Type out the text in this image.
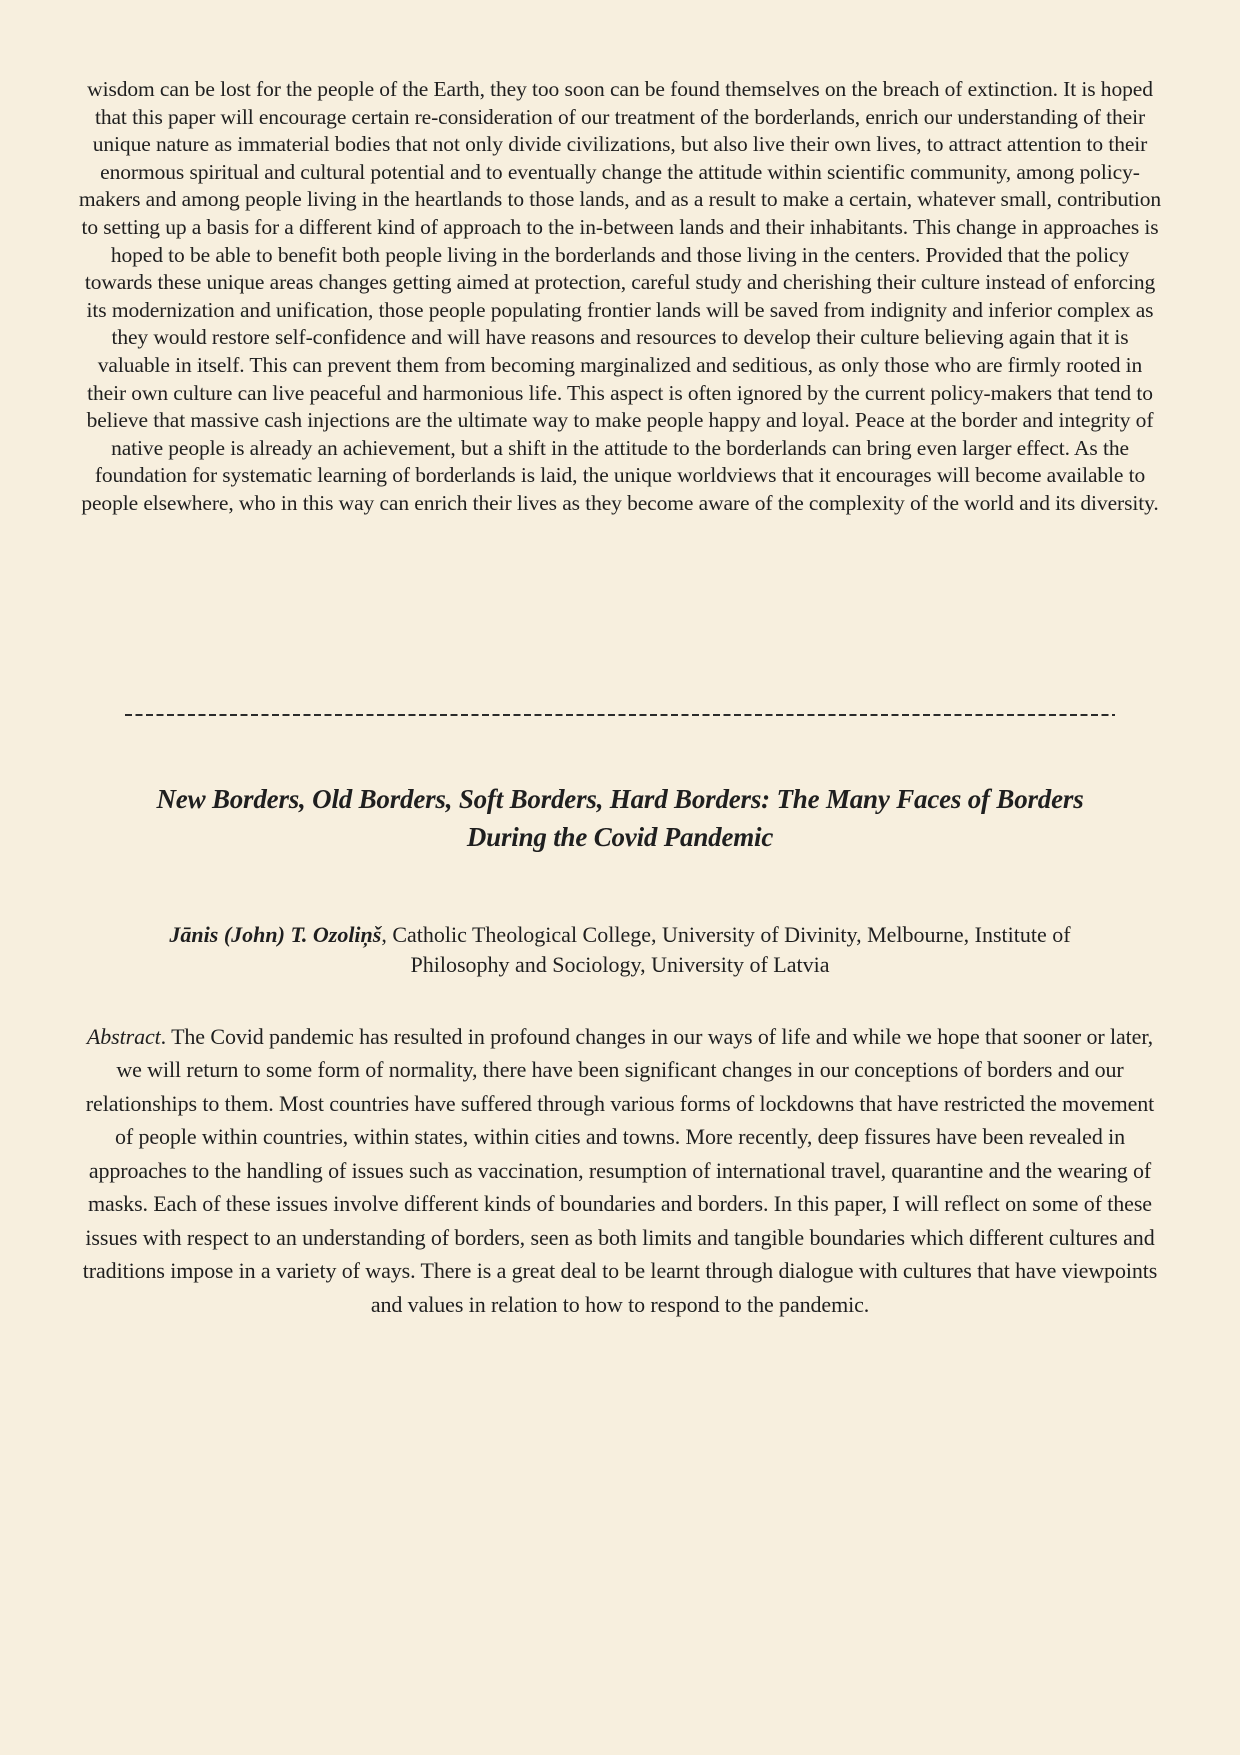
wisdom can be lost for the people of the Earth, they too soon can be found themselves on the breach of extinction. It is hoped that this paper will encourage certain re-consideration of our treatment of the borderlands, enrich our understanding of their unique nature as immaterial bodies that not only divide civilizations, but also live their own lives, to attract attention to their enormous spiritual and cultural potential and to eventually change the attitude within scientific community, among policy-makers and among people living in the heartlands to those lands, and as a result to make a certain, whatever small, contribution to setting up a basis for a different kind of approach to the in-between lands and their inhabitants. This change in approaches is hoped to be able to benefit both people living in the borderlands and those living in the centers. Provided that the policy towards these unique areas changes getting aimed at protection, careful study and cherishing their culture instead of enforcing its modernization and unification, those people populating frontier lands will be saved from indignity and inferior complex as they would restore self-confidence and will have reasons and resources to develop their culture believing again that it is valuable in itself. This can prevent them from becoming marginalized and seditious, as only those who are firmly rooted in their own culture can live peaceful and harmonious life. This aspect is often ignored by the current policy-makers that tend to believe that massive cash injections are the ultimate way to make people happy and loyal. Peace at the border and integrity of native people is already an achievement, but a shift in the attitude to the borderlands can bring even larger effect. As the foundation for systematic learning of borderlands is laid, the unique worldviews that it encourages will become available to people elsewhere, who in this way can enrich their lives as they become aware of the complexity of the world and its diversity.

New Borders, Old Borders, Soft Borders, Hard Borders: The Many Faces of Borders During the Covid Pandemic

Jānis (John) T. Ozoliņš, Catholic Theological College, University of Divinity, Melbourne, Institute of Philosophy and Sociology, University of Latvia

Abstract. The Covid pandemic has resulted in profound changes in our ways of life and while we hope that sooner or later, we will return to some form of normality, there have been significant changes in our conceptions of borders and our relationships to them. Most countries have suffered through various forms of lockdowns that have restricted the movement of people within countries, within states, within cities and towns. More recently, deep fissures have been revealed in approaches to the handling of issues such as vaccination, resumption of international travel, quarantine and the wearing of masks. Each of these issues involve different kinds of boundaries and borders. In this paper, I will reflect on some of these issues with respect to an understanding of borders, seen as both limits and tangible boundaries which different cultures and traditions impose in a variety of ways. There is a great deal to be learnt through dialogue with cultures that have viewpoints and values in relation to how to respond to the pandemic.
